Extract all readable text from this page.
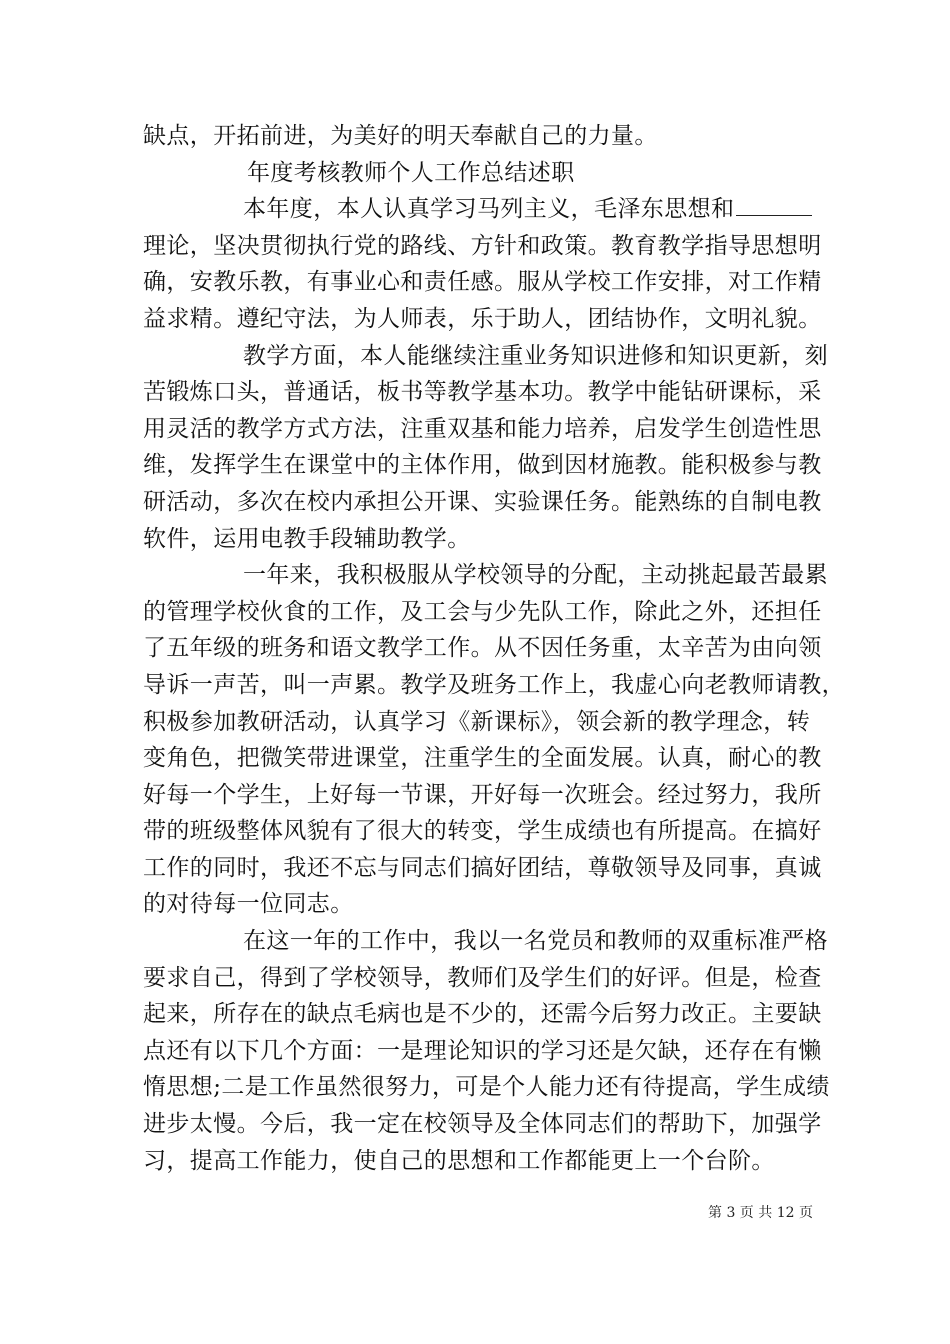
缺点，开拓前进，为美好的明天奉献自己的力量。
年度考核教师个人工作总结述职
本年度，本人认真学习马列主义，毛泽东思想和
理论，坚决贯彻执行党的路线、方针和政策。教育教学指导思想明
确，安教乐教，有事业心和责任感。服从学校工作安排，对工作精
益求精。遵纪守法，为人师表，乐于助人，团结协作，文明礼貌。
教学方面，本人能继续注重业务知识进修和知识更新，刻
苦锻炼口头，普通话，板书等教学基本功。教学中能钻研课标，采
用灵活的教学方式方法，注重双基和能力培养，启发学生创造性思
维，发挥学生在课堂中的主体作用，做到因材施教。能积极参与教
研活动，多次在校内承担公开课、实验课任务。能熟练的自制电教
软件，运用电教手段辅助教学。
一年来，我积极服从学校领导的分配，主动挑起最苦最累
的管理学校伙食的工作，及工会与少先队工作，除此之外，还担任
了五年级的班务和语文教学工作。从不因任务重，太辛苦为由向领
导诉一声苦，叫一声累。教学及班务工作上，我虚心向老教师请教，
积极参加教研活动，认真学习《新课标》，领会新的教学理念，转
变角色，把微笑带进课堂，注重学生的全面发展。认真，耐心的教
好每一个学生，上好每一节课，开好每一次班会。经过努力，我所
带的班级整体风貌有了很大的转变，学生成绩也有所提高。在搞好
工作的同时，我还不忘与同志们搞好团结，尊敬领导及同事，真诚
的对待每一位同志。
在这一年的工作中，我以一名党员和教师的双重标准严格
要求自己，得到了学校领导，教师们及学生们的好评。但是，检查
起来，所存在的缺点毛病也是不少的，还需今后努力改正。主要缺
点还有以下几个方面：一是理论知识的学习还是欠缺，还存在有懒
惰思想;二是工作虽然很努力，可是个人能力还有待提高，学生成绩
进步太慢。今后，我一定在校领导及全体同志们的帮助下，加强学
习，提高工作能力，使自己的思想和工作都能更上一个台阶。
第 3 页 共 12 页
